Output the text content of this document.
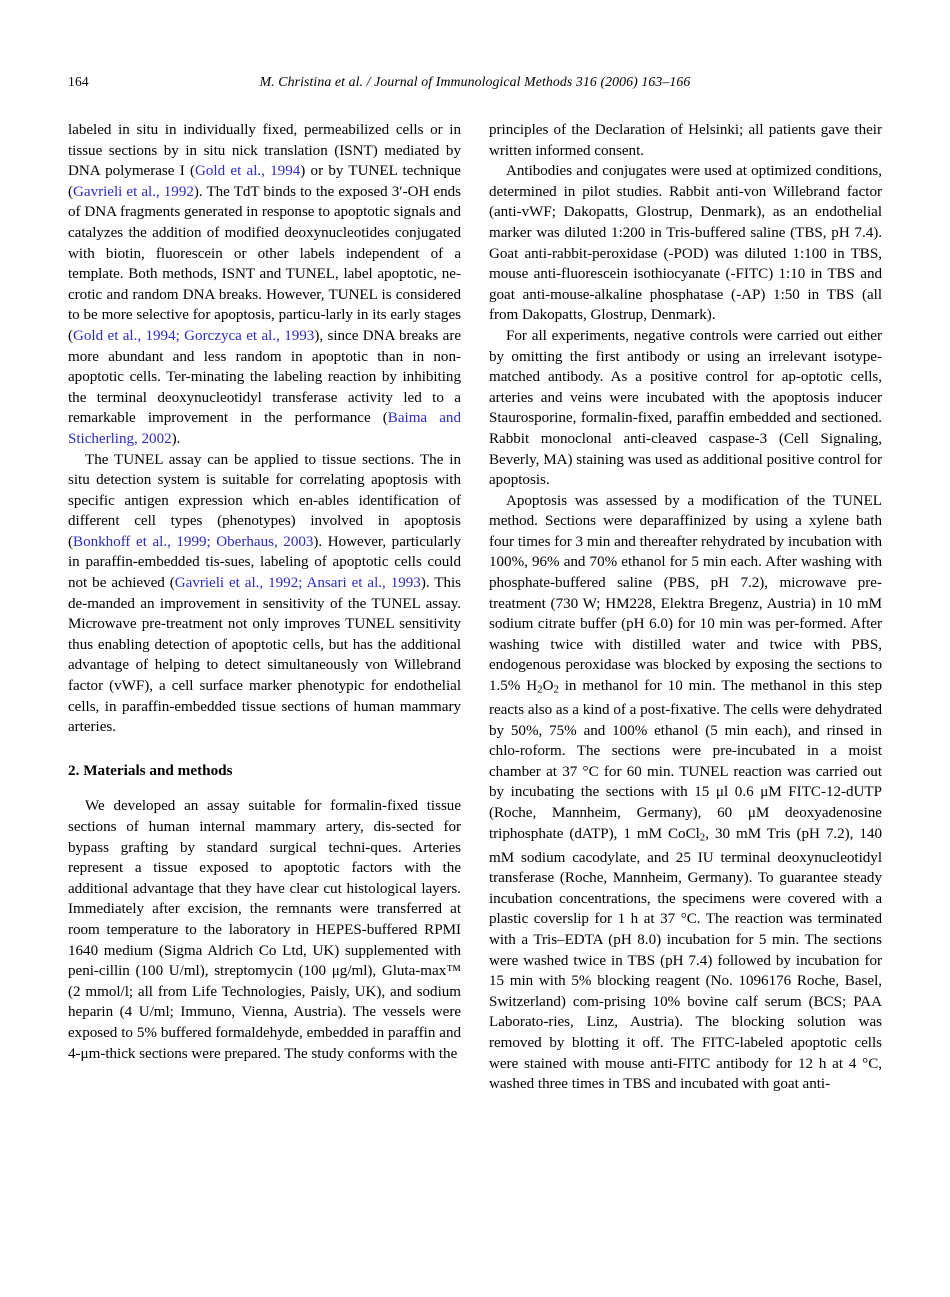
164	M. Christina et al. / Journal of Immunological Methods 316 (2006) 163–166

labeled in situ in individually fixed, permeabilized cells or in tissue sections by in situ nick translation (ISNT) mediated by DNA polymerase I (Gold et al., 1994) or by TUNEL technique (Gavrieli et al., 1992). The TdT binds to the exposed 3′-OH ends of DNA fragments generated in response to apoptotic signals and catalyzes the addition of modified deoxynucleotides conjugated with biotin, fluorescein or other labels independent of a template. Both methods, ISNT and TUNEL, label apoptotic, ne-crotic and random DNA breaks. However, TUNEL is considered to be more selective for apoptosis, particu-larly in its early stages (Gold et al., 1994; Gorczyca et al., 1993), since DNA breaks are more abundant and less random in apoptotic than in non-apoptotic cells. Ter-minating the labeling reaction by inhibiting the terminal deoxynucleotidyl transferase activity led to a remarkable improvement in the performance (Baima and Sticherling, 2002).

The TUNEL assay can be applied to tissue sections. The in situ detection system is suitable for correlating apoptosis with specific antigen expression which en-ables identification of different cell types (phenotypes) involved in apoptosis (Bonkhoff et al., 1999; Oberhaus, 2003). However, particularly in paraffin-embedded tis-sues, labeling of apoptotic cells could not be achieved (Gavrieli et al., 1992; Ansari et al., 1993). This de-manded an improvement in sensitivity of the TUNEL assay. Microwave pre-treatment not only improves TUNEL sensitivity thus enabling detection of apoptotic cells, but has the additional advantage of helping to detect simultaneously von Willebrand factor (vWF), a cell surface marker phenotypic for endothelial cells, in paraffin-embedded tissue sections of human mammary arteries.

2. Materials and methods

We developed an assay suitable for formalin-fixed tissue sections of human internal mammary artery, dis-sected for bypass grafting by standard surgical techni-ques. Arteries represent a tissue exposed to apoptotic factors with the additional advantage that they have clear cut histological layers. Immediately after excision, the remnants were transferred at room temperature to the laboratory in HEPES-buffered RPMI 1640 medium (Sigma Aldrich Co Ltd, UK) supplemented with peni-cillin (100 U/ml), streptomycin (100 μg/ml), Gluta-max™ (2 mmol/l; all from Life Technologies, Paisly, UK), and sodium heparin (4 U/ml; Immuno, Vienna, Austria). The vessels were exposed to 5% buffered formaldehyde, embedded in paraffin and 4-μm-thick sections were prepared. The study conforms with the

principles of the Declaration of Helsinki; all patients gave their written informed consent.

Antibodies and conjugates were used at optimized conditions, determined in pilot studies. Rabbit anti-von Willebrand factor (anti-vWF; Dakopatts, Glostrup, Denmark), as an endothelial marker was diluted 1:200 in Tris-buffered saline (TBS, pH 7.4). Goat anti-rabbit-peroxidase (-POD) was diluted 1:100 in TBS, mouse anti-fluorescein isothiocyanate (-FITC) 1:10 in TBS and goat anti-mouse-alkaline phosphatase (-AP) 1:50 in TBS (all from Dakopatts, Glostrup, Denmark).

For all experiments, negative controls were carried out either by omitting the first antibody or using an irrelevant isotype-matched antibody. As a positive control for ap-optotic cells, arteries and veins were incubated with the apoptosis inducer Staurosporine, formalin-fixed, paraffin embedded and sectioned. Rabbit monoclonal anti-cleaved caspase-3 (Cell Signaling, Beverly, MA) staining was used as additional positive control for apoptosis.

Apoptosis was assessed by a modification of the TUNEL method. Sections were deparaffinized by using a xylene bath four times for 3 min and thereafter rehydrated by incubation with 100%, 96% and 70% ethanol for 5 min each. After washing with phosphate-buffered saline (PBS, pH 7.2), microwave pre-treatment (730 W; HM228, Elektra Bregenz, Austria) in 10 mM sodium citrate buffer (pH 6.0) for 10 min was per-formed. After washing twice with distilled water and twice with PBS, endogenous peroxidase was blocked by exposing the sections to 1.5% $H_2O_2$ in methanol for 10 min. The methanol in this step reacts also as a kind of a post-fixative. The cells were dehydrated by 50%, 75% and 100% ethanol (5 min each), and rinsed in chlo-roform. The sections were pre-incubated in a moist chamber at 37 °C for 60 min. TUNEL reaction was carried out by incubating the sections with 15 μl 0.6 μM FITC-12-dUTP (Roche, Mannheim, Germany), 60 μM deoxyadenosine triphosphate (dATP), 1 mM CoCl$_2$, 30 mM Tris (pH 7.2), 140 mM sodium cacodylate, and 25 IU terminal deoxynucleotidyl transferase (Roche, Mannheim, Germany). To guarantee steady incubation concentrations, the specimens were covered with a plastic coverslip for 1 h at 37 °C. The reaction was terminated with a Tris–EDTA (pH 8.0) incubation for 5 min. The sections were washed twice in TBS (pH 7.4) followed by incubation for 15 min with 5% blocking reagent (No. 1096176 Roche, Basel, Switzerland) com-prising 10% bovine calf serum (BCS; PAA Laborato-ries, Linz, Austria). The blocking solution was removed by blotting it off. The FITC-labeled apoptotic cells were stained with mouse anti-FITC antibody for 12 h at 4 °C, washed three times in TBS and incubated with goat anti-
